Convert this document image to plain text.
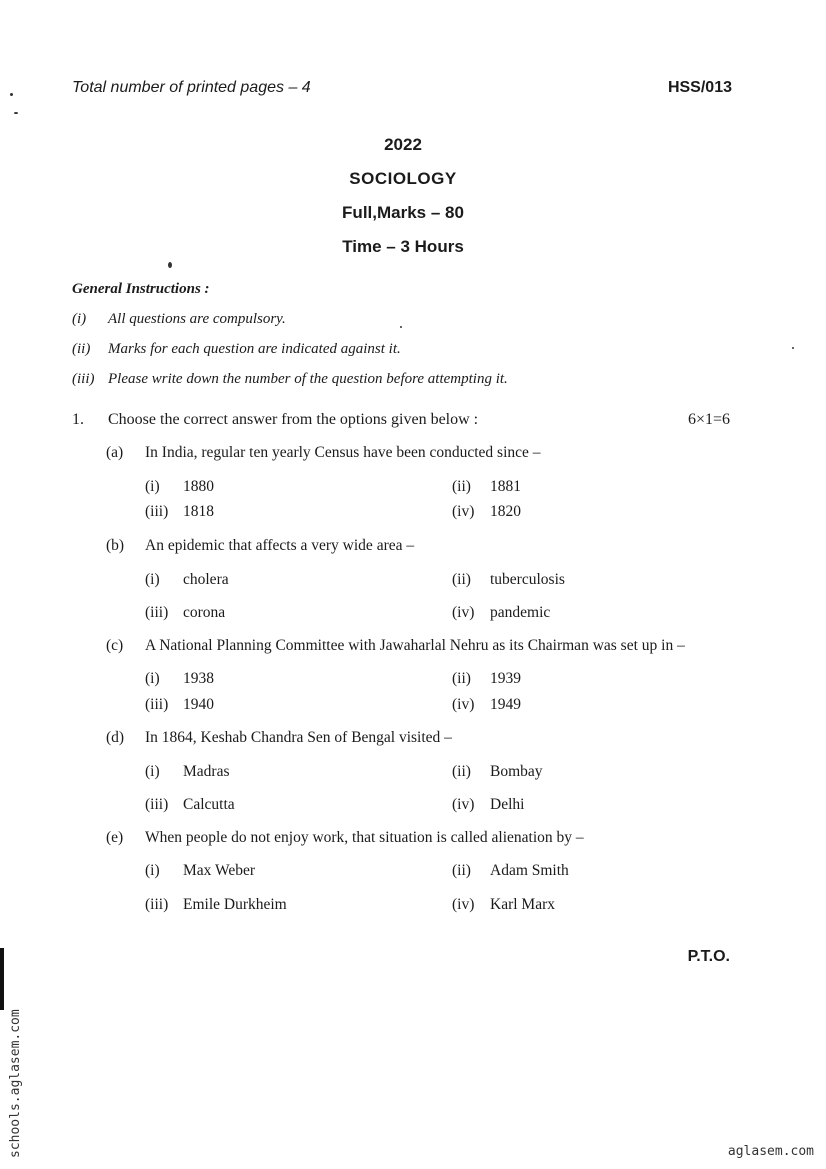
Total number of printed pages – 4	HSS/013
2022
SOCIOLOGY
Full,Marks – 80
Time – 3 Hours
General Instructions :
(i) All questions are compulsory.
(ii) Marks for each question are indicated against it.
(iii) Please write down the number of the question before attempting it.
1. Choose the correct answer from the options given below :	6×1=6
(a) In India, regular ten yearly Census have been conducted since –
(i) 1880	(ii) 1881
(iii) 1818	(iv) 1820
(b) An epidemic that affects a very wide area –
(i) cholera	(ii) tuberculosis
(iii) corona	(iv) pandemic
(c) A National Planning Committee with Jawaharlal Nehru as its Chairman was set up in –
(i) 1938	(ii) 1939
(iii) 1940	(iv) 1949
(d) In 1864, Keshab Chandra Sen of Bengal visited –
(i) Madras	(ii) Bombay
(iii) Calcutta	(iv) Delhi
(e) When people do not enjoy work, that situation is called alienation by –
(i) Max Weber	(ii) Adam Smith
(iii) Emile Durkheim	(iv) Karl Marx
P.T.O.
schools.aglasem.com	aglasem.com
